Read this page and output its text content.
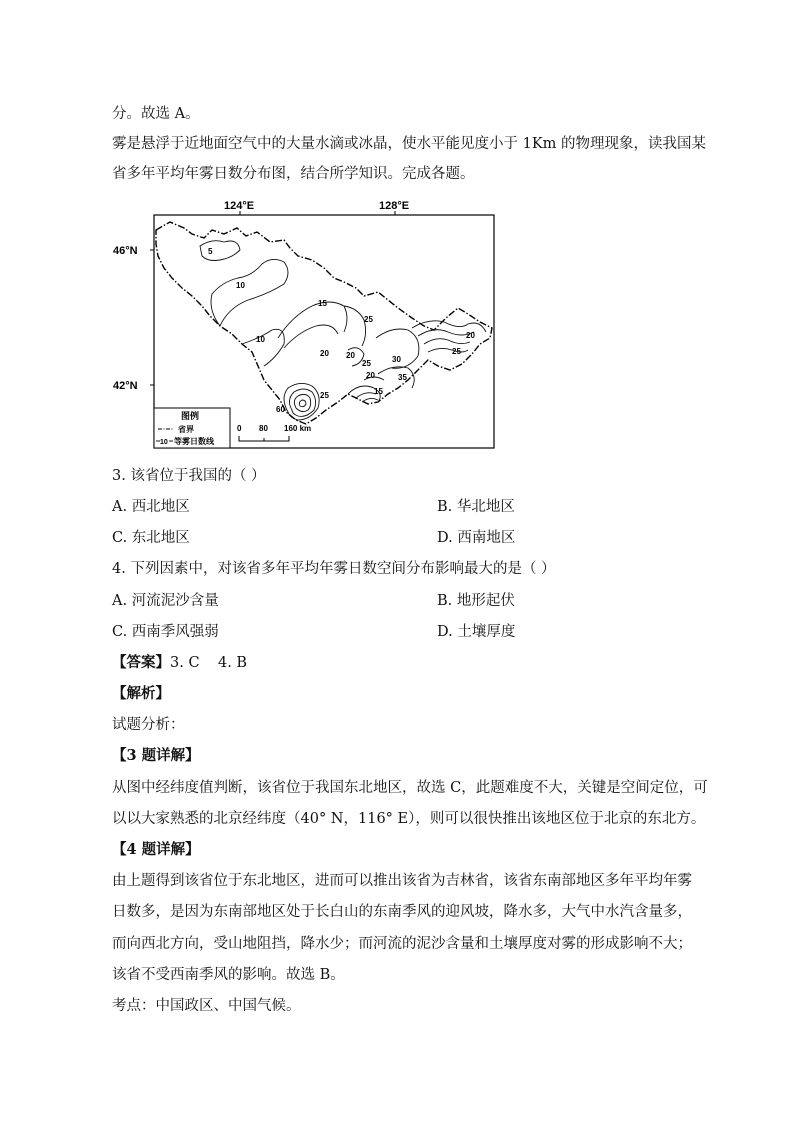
分。故选 A。
雾是悬浮于近地面空气中的大量水滴或冰晶，使水平能见度小于 1Km 的物理现象，读我国某
省多年平均年雾日数分布图，结合所学知识。完成各题。
124°E	128°E
46°N
42°N
5
10
10
15
20
25
20
25
20
30
35
15
20
25
60
25
图例
省界
10 等雾日数线
0 80 160 km
3. 该省位于我国的（ ）
A. 西北地区	B. 华北地区
C. 东北地区	D. 西南地区
4. 下列因素中，对该省多年平均年雾日数空间分布影响最大的是（ ）
A. 河流泥沙含量	B. 地形起伏
C. 西南季风强弱	D. 土壤厚度
【答案】3. C    4. B
【解析】
试题分析：
【3 题详解】
从图中经纬度值判断，该省位于我国东北地区，故选 C，此题难度不大，关键是空间定位，可
以以大家熟悉的北京经纬度（40° N，116° E），则可以很快推出该地区位于北京的东北方。
【4 题详解】
由上题得到该省位于东北地区，进而可以推出该省为吉林省，该省东南部地区多年平均年雾
日数多，是因为东南部地区处于长白山的东南季风的迎风坡，降水多，大气中水汽含量多，
而向西北方向，受山地阻挡，降水少；而河流的泥沙含量和土壤厚度对雾的形成影响不大；
该省不受西南季风的影响。故选 B。
考点：中国政区、中国气候。
